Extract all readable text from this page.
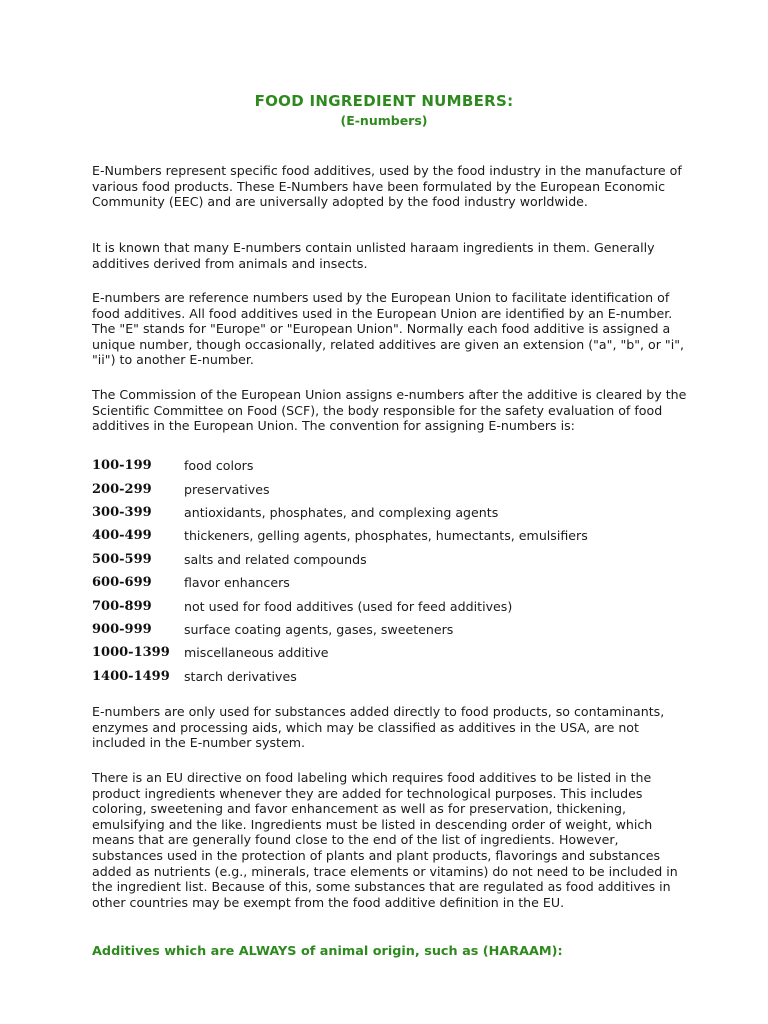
FOOD INGREDIENT NUMBERS:
(E-numbers)

E-Numbers represent specific food additives, used by the food industry in the manufacture of various food products. These E-Numbers have been formulated by the European Economic Community (EEC) and are universally adopted by the food industry worldwide.

It is known that many E-numbers contain unlisted haraam ingredients in them. Generally additives derived from animals and insects.

E-numbers are reference numbers used by the European Union to facilitate identification of food additives. All food additives used in the European Union are identified by an E-number. The "E" stands for "Europe" or "European Union". Normally each food additive is assigned a unique number, though occasionally, related additives are given an extension ("a", "b", or "i", "ii") to another E-number.

The Commission of the European Union assigns e-numbers after the additive is cleared by the Scientific Committee on Food (SCF), the body responsible for the safety evaluation of food additives in the European Union. The convention for assigning E-numbers is:

100-199	food colors
200-299	preservatives
300-399	antioxidants, phosphates, and complexing agents
400-499	thickeners, gelling agents, phosphates, humectants, emulsifiers
500-599	salts and related compounds
600-699	flavor enhancers
700-899	not used for food additives (used for feed additives)
900-999	surface coating agents, gases, sweeteners
1000-1399	miscellaneous additive
1400-1499	starch derivatives

E-numbers are only used for substances added directly to food products, so contaminants, enzymes and processing aids, which may be classified as additives in the USA, are not included in the E-number system.

There is an EU directive on food labeling which requires food additives to be listed in the product ingredients whenever they are added for technological purposes. This includes coloring, sweetening and favor enhancement as well as for preservation, thickening, emulsifying and the like. Ingredients must be listed in descending order of weight, which means that are generally found close to the end of the list of ingredients. However, substances used in the protection of plants and plant products, flavorings and substances added as nutrients (e.g., minerals, trace elements or vitamins) do not need to be included in the ingredient list. Because of this, some substances that are regulated as food additives in other countries may be exempt from the food additive definition in the EU.

Additives which are ALWAYS of animal origin, such as (HARAAM):
